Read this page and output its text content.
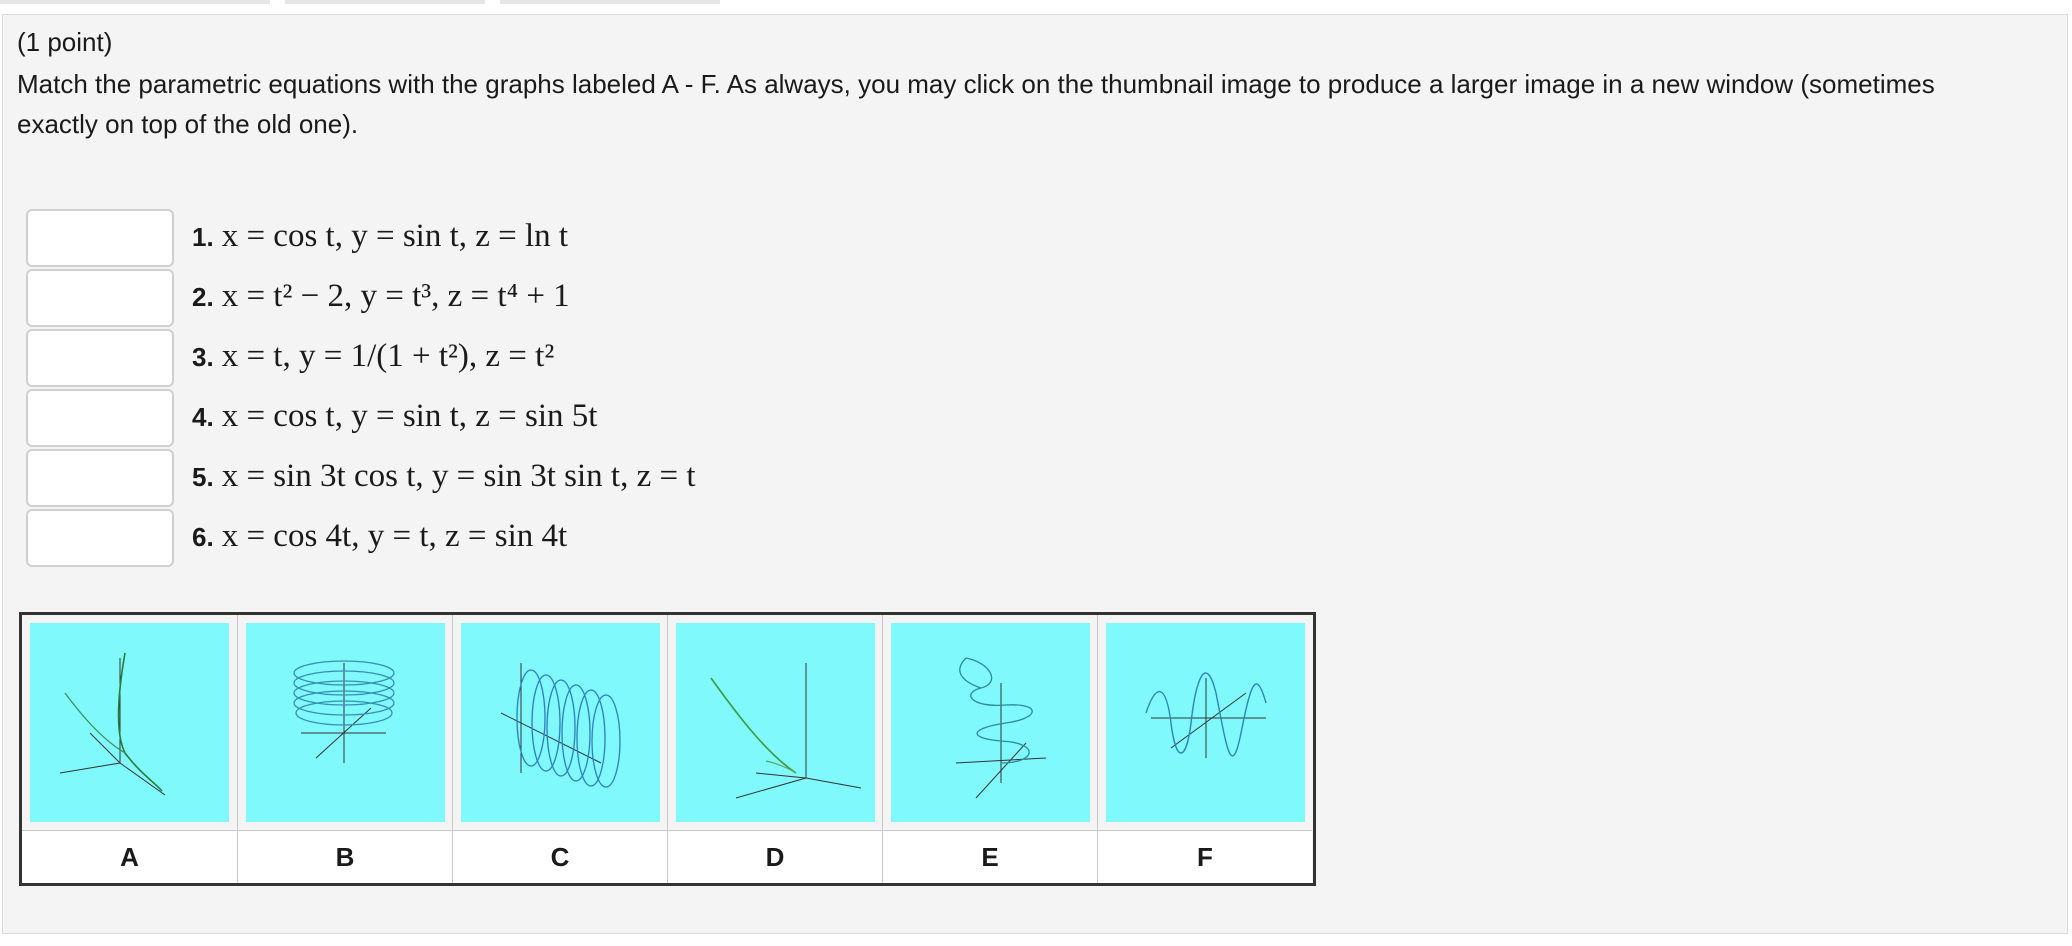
(1 point)
Match the parametric equations with the graphs labeled A - F. As always, you may click on the thumbnail image to produce a larger image in a new window (sometimes exactly on top of the old one).
1. x = cos t, y = sin t, z = ln t
2. x = t² − 2, y = t³, z = t⁴ + 1
3. x = t, y = 1/(1 + t²), z = t²
4. x = cos t, y = sin t, z = sin 5t
5. x = sin 3t cos t, y = sin 3t sin t, z = t
6. x = cos 4t, y = t, z = sin 4t
A	B	C	D	E	F
